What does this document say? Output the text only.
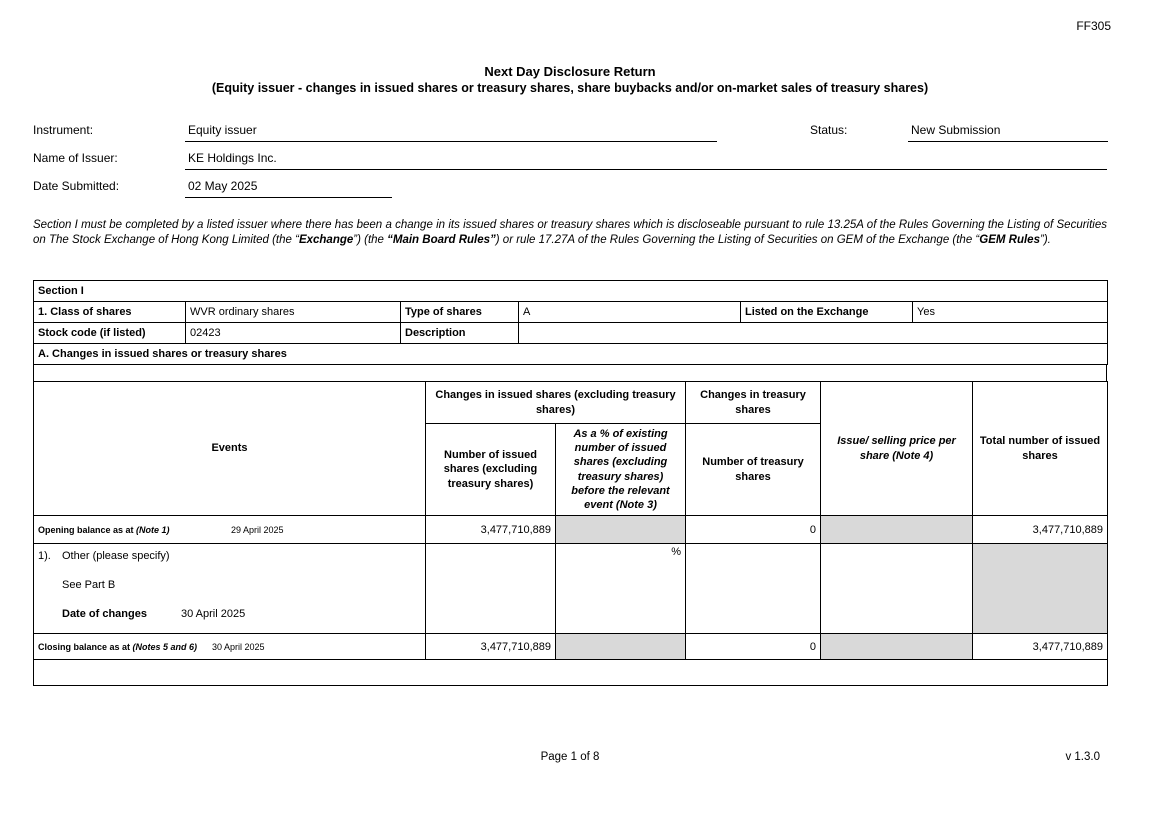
FF305
Next Day Disclosure Return
(Equity issuer - changes in issued shares or treasury shares, share buybacks and/or on-market sales of treasury shares)
Instrument:	Equity issuer	Status:	New Submission
Name of Issuer:	KE Holdings Inc.
Date Submitted:	02 May 2025

Section I must be completed by a listed issuer where there has been a change in its issued shares or treasury shares which is discloseable pursuant to rule 13.25A of the Rules Governing the Listing of Securities on The Stock Exchange of Hong Kong Limited (the “Exchange”) (the “Main Board Rules”) or rule 17.27A of the Rules Governing the Listing of Securities on GEM of the Exchange (the “GEM Rules”).

Section I					
1. Class of shares	WVR ordinary shares	Type of shares	A	Listed on the Exchange	Yes
Stock code (if listed)	02423	Description			
A. Changes in issued shares or treasury shares					
Events	Changes in issued shares (excluding treasury shares)		Changes in treasury shares	Issue/ selling price per share (Note 4)	Total number of issued shares
	Number of issued shares (excluding treasury shares)	As a % of existing number of issued shares (excluding treasury shares) before the relevant event (Note 3)	Number of treasury shares		
Opening balance as at (Note 1) 29 April 2025	3,477,710,889		0		3,477,710,889

1). Other (please specify)
See Part B
Date of changes 30 April 2025		%			
Closing balance as at (Notes 5 and 6) 30 April 2025	3,477,710,889		0		3,477,710,889

Page 1 of 8	v 1.3.0
